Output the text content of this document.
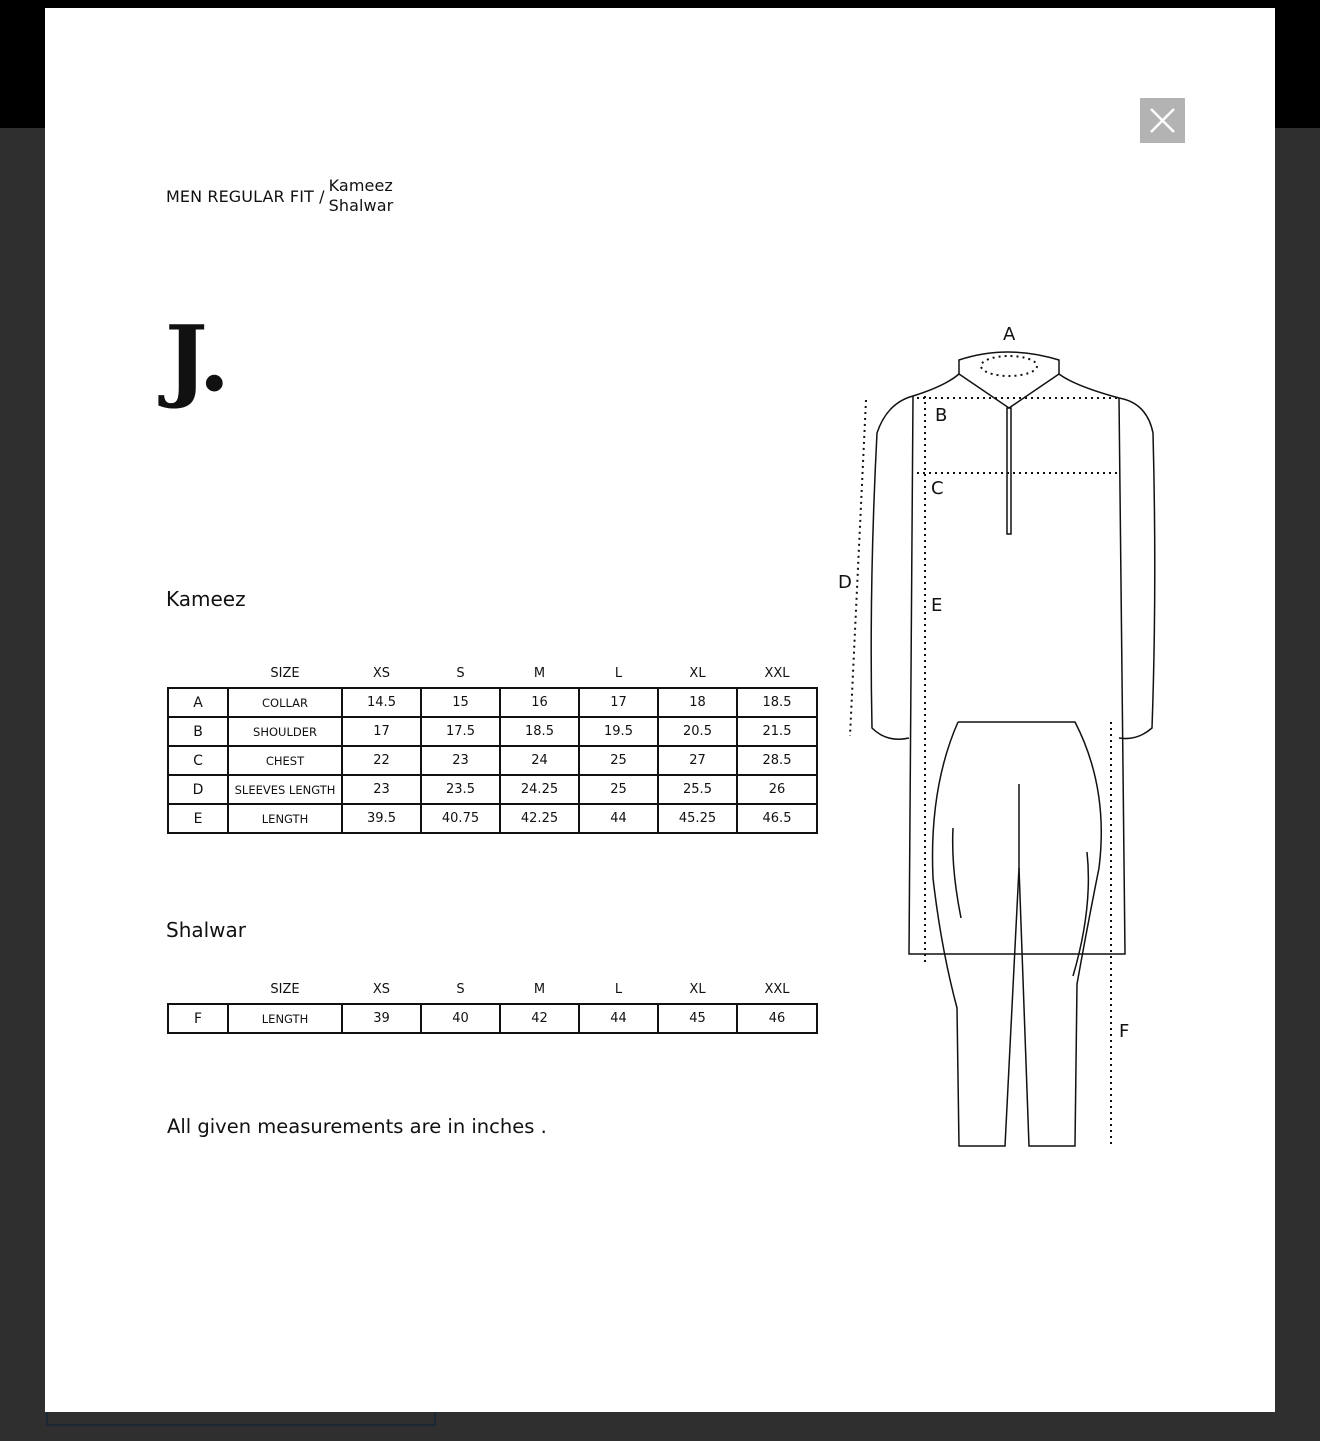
MEN REGULAR FIT /
Kameez
Shalwar
J.
Kameez
	SIZE	XS	S	M	L	XL	XXL
A	COLLAR	14.5	15	16	17	18	18.5
B	SHOULDER	17	17.5	18.5	19.5	20.5	21.5
C	CHEST	22	23	24	25	27	28.5
D	SLEEVES LENGTH	23	23.5	24.25	25	25.5	26
E	LENGTH	39.5	40.75	42.25	44	45.25	46.5
Shalwar
	SIZE	XS	S	M	L	XL	XXL
F	LENGTH	39	40	42	44	45	46
All given measurements are in inches .
A
B
C
D
E
F
